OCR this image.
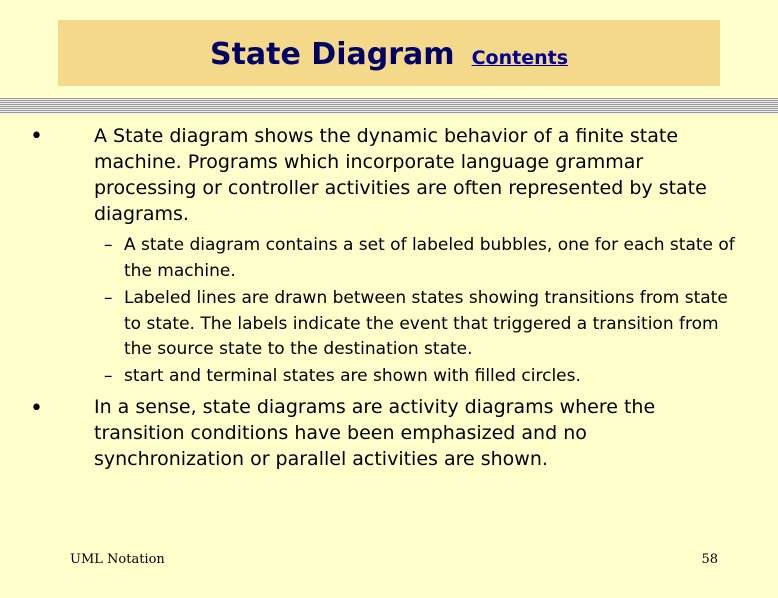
State Diagram Contents
•	A State diagram shows the dynamic behavior of a finite state machine. Programs which incorporate language grammar processing or controller activities are often represented by state diagrams.
– A state diagram contains a set of labeled bubbles, one for each state of the machine.
– Labeled lines are drawn between states showing transitions from state to state. The labels indicate the event that triggered a transition from the source state to the destination state.
– start and terminal states are shown with filled circles.
•	In a sense, state diagrams are activity diagrams where the transition conditions have been emphasized and no synchronization or parallel activities are shown.
UML Notation	58
